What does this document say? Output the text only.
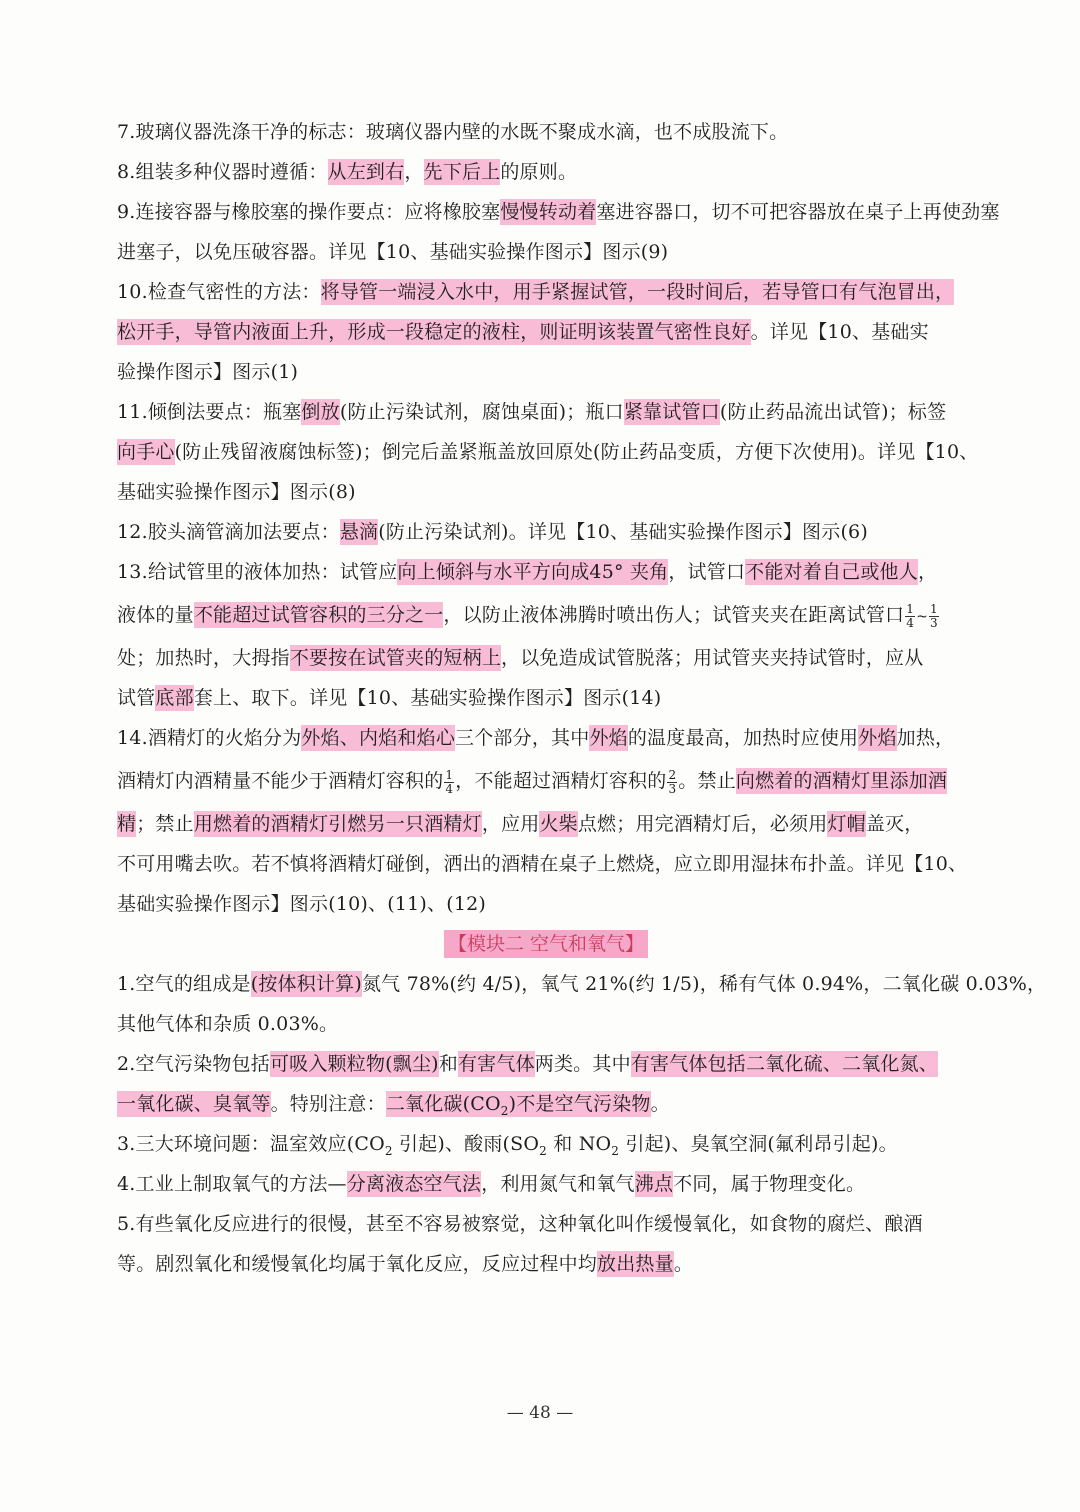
7.玻璃仪器洗涤干净的标志：玻璃仪器内壁的水既不聚成水滴，也不成股流下。
8.组装多种仪器时遵循：从左到右，先下后上的原则。
9.连接容器与橡胶塞的操作要点：应将橡胶塞慢慢转动着塞进容器口，切不可把容器放在桌子上再使劲塞
进塞子，以免压破容器。详见【10、基础实验操作图示】图示(9)
10.检查气密性的方法：将导管一端浸入水中，用手紧握试管，一段时间后，若导管口有气泡冒出，
松开手，导管内液面上升，形成一段稳定的液柱，则证明该装置气密性良好。详见【10、基础实
验操作图示】图示(1)
11.倾倒法要点：瓶塞倒放(防止污染试剂，腐蚀桌面)；瓶口紧靠试管口(防止药品流出试管)；标签
向手心(防止残留液腐蚀标签)；倒完后盖紧瓶盖放回原处(防止药品变质，方便下次使用)。详见【10、
基础实验操作图示】图示(8)
12.胶头滴管滴加法要点：悬滴(防止污染试剂)。详见【10、基础实验操作图示】图示(6)
13.给试管里的液体加热：试管应向上倾斜与水平方向成45° 夹角，试管口不能对着自己或他人，
液体的量不能超过试管容积的三分之一，以防止液体沸腾时喷出伤人；试管夹夹在距离试管口 $\frac{1}{4}$ ~ $\frac{1}{3}$
处；加热时，大拇指不要按在试管夹的短柄上，以免造成试管脱落；用试管夹夹持试管时，应从
试管底部套上、取下。详见【10、基础实验操作图示】图示(14)
14.酒精灯的火焰分为外焰、内焰和焰心三个部分，其中外焰的温度最高，加热时应使用外焰加热，
酒精灯内酒精量不能少于酒精灯容积的 $\frac{1}{4}$ ，不能超过酒精灯容积的 $\frac{2}{3}$ 。禁止向燃着的酒精灯里添加酒
精；禁止用燃着的酒精灯引燃另一只酒精灯，应用火柴点燃；用完酒精灯后，必须用灯帽盖灭，
不可用嘴去吹。若不慎将酒精灯碰倒，洒出的酒精在桌子上燃烧，应立即用湿抹布扑盖。详见【10、
基础实验操作图示】图示(10)、(11)、(12)
【模块二 空气和氧气】
1.空气的组成是(按体积计算)氮气 78%(约 4/5)，氧气 21%(约 1/5)，稀有气体 0.94%，二氧化碳 0.03%，
其他气体和杂质 0.03%。
2.空气污染物包括可吸入颗粒物(飘尘)和有害气体两类。其中有害气体包括二氧化硫、二氧化氮、
一氧化碳、臭氧等。特别注意：二氧化碳$(CO_2)$不是空气污染物。
3.三大环境问题：温室效应($CO_2$ 引起)、酸雨($SO_2$ 和 $NO_2$ 引起)、臭氧空洞(氟利昂引起)。
4.工业上制取氧气的方法—分离液态空气法，利用氮气和氧气沸点不同，属于物理变化。
5.有些氧化反应进行的很慢，甚至不容易被察觉，这种氧化叫作缓慢氧化，如食物的腐烂、酿酒
等。剧烈氧化和缓慢氧化均属于氧化反应，反应过程中均放出热量。
— 48 —
